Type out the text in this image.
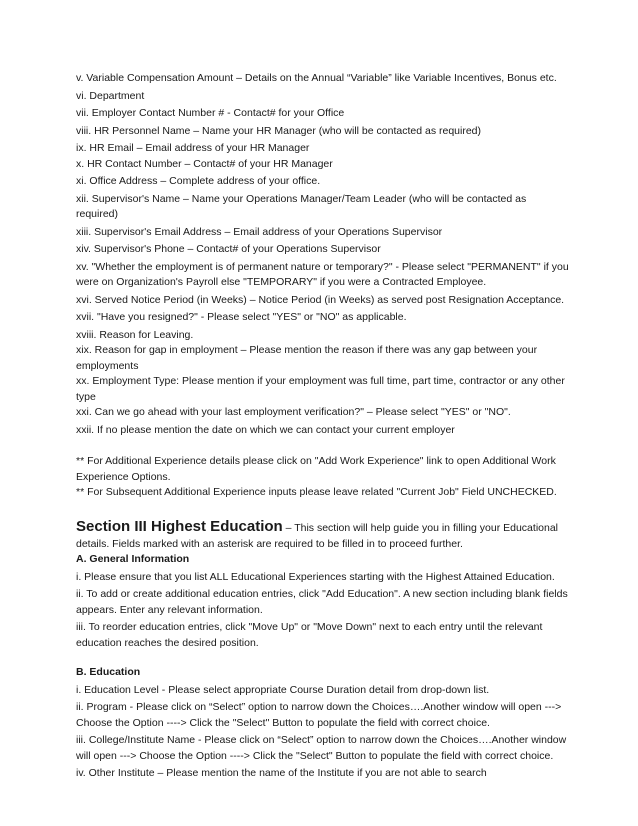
v. Variable Compensation Amount – Details on the Annual “Variable” like Variable Incentives, Bonus etc.

vi. Department

vii. Employer Contact Number # - Contact# for your Office

viii. HR Personnel Name – Name your HR Manager (who will be contacted as required)

ix. HR Email – Email address of your HR Manager

x. HR Contact Number – Contact# of your HR Manager

xi. Office Address – Complete address of your office.

xii. Supervisor's Name – Name your Operations Manager/Team Leader (who will be contacted as required)

xiii. Supervisor's Email Address – Email address of your Operations Supervisor

xiv. Supervisor's Phone – Contact# of your Operations Supervisor

xv. "Whether the employment is of permanent nature or temporary?" - Please select "PERMANENT" if you were on Organization's Payroll else "TEMPORARY" if you were a Contracted Employee.

xvi. Served Notice Period (in Weeks) – Notice Period (in Weeks) as served post Resignation Acceptance.

xvii. "Have you resigned?" - Please select "YES" or "NO" as applicable.

xviii. Reason for Leaving.

xix. Reason for gap in employment – Please mention the reason if there was any gap between your employments

xx. Employment Type: Please mention if your employment was full time, part time, contractor or any other type

xxi. Can we go ahead with your last employment verification?" – Please select "YES" or "NO".

xxii. If no please mention the date on which we can contact your current employer

** For Additional Experience details please click on "Add Work Experience" link to open Additional Work Experience Options.

** For Subsequent Additional Experience inputs please leave related "Current Job" Field UNCHECKED.

Section III Highest Education – This section will help guide you in filling your Educational details. Fields marked with an asterisk are required to be filled in to proceed further.

A. General Information

i. Please ensure that you list ALL Educational Experiences starting with the Highest Attained Education.

ii. To add or create additional education entries, click "Add Education". A new section including blank fields appears. Enter any relevant information.

iii. To reorder education entries, click "Move Up" or "Move Down" next to each entry until the relevant education reaches the desired position.

B. Education

i. Education Level - Please select appropriate Course Duration detail from drop-down list.

ii. Program - Please click on “Select” option to narrow down the Choices….Another window will open ---> Choose the Option ----> Click the "Select" Button to populate the field with correct choice.

iii. College/Institute Name - Please click on “Select” option to narrow down the Choices….Another window will open ---> Choose the Option ----> Click the "Select" Button to populate the field with correct choice.

iv. Other Institute – Please mention the name of the Institute if you are not able to search
